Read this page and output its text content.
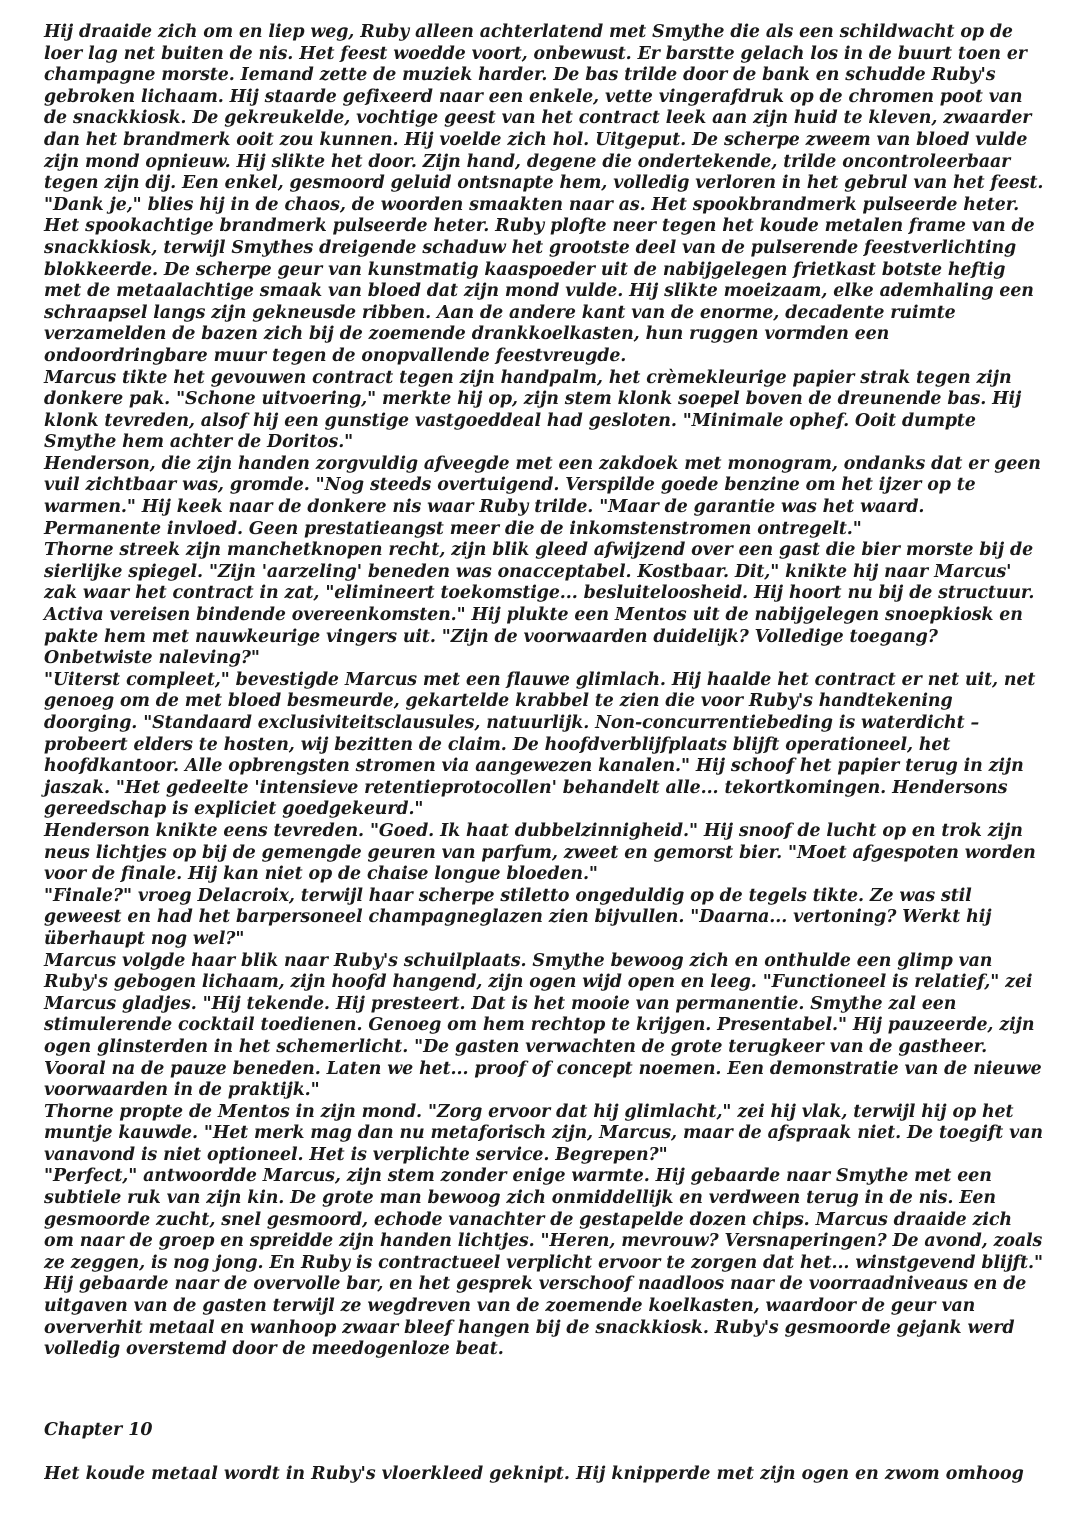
Hij draaide zich om en liep weg, Ruby alleen achterlatend met Smythe die als een schildwacht op de loer lag net buiten de nis. Het feest woedde voort, onbewust. Er barstte gelach los in de buurt toen er champagne morste. Iemand zette de muziek harder. De bas trilde door de bank en schudde Ruby's gebroken lichaam. Hij staarde gefixeerd naar een enkele, vette vingerafdruk op de chromen poot van de snackkiosk. De gekreukelde, vochtige geest van het contract leek aan zijn huid te kleven, zwaarder dan het brandmerk ooit zou kunnen. Hij voelde zich hol. Uitgeput. De scherpe zweem van bloed vulde zijn mond opnieuw. Hij slikte het door. Zijn hand, degene die ondertekende, trilde oncontroleerbaar tegen zijn dij. Een enkel, gesmoord geluid ontsnapte hem, volledig verloren in het gebrul van het feest. "Dank je," blies hij in de chaos, de woorden smaakten naar as. Het spookbrandmerk pulseerde heter.

Het spookachtige brandmerk pulseerde heter. Ruby plofte neer tegen het koude metalen frame van de snackkiosk, terwijl Smythes dreigende schaduw het grootste deel van de pulserende feestverlichting blokkeerde. De scherpe geur van kunstmatig kaaspoeder uit de nabijgelegen frietkast botste heftig met de metaalachtige smaak van bloed dat zijn mond vulde. Hij slikte moeizaam, elke ademhaling een schraapsel langs zijn gekneusde ribben. Aan de andere kant van de enorme, decadente ruimte verzamelden de bazen zich bij de zoemende drankkoelkasten, hun ruggen vormden een ondoordringbare muur tegen de onopvallende feestvreugde.

Marcus tikte het gevouwen contract tegen zijn handpalm, het crèmekleurige papier strak tegen zijn donkere pak. "Schone uitvoering," merkte hij op, zijn stem klonk soepel boven de dreunende bas. Hij klonk tevreden, alsof hij een gunstige vastgoeddeal had gesloten. "Minimale ophef. Ooit dumpte Smythe hem achter de Doritos."

Henderson, die zijn handen zorgvuldig afveegde met een zakdoek met monogram, ondanks dat er geen vuil zichtbaar was, gromde. "Nog steeds overtuigend. Verspilde goede benzine om het ijzer op te warmen." Hij keek naar de donkere nis waar Ruby trilde. "Maar de garantie was het waard. Permanente invloed. Geen prestatieangst meer die de inkomstenstromen ontregelt."

Thorne streek zijn manchetknopen recht, zijn blik gleed afwijzend over een gast die bier morste bij de sierlijke spiegel. "Zijn 'aarzeling' beneden was onacceptabel. Kostbaar. Dit," knikte hij naar Marcus' zak waar het contract in zat, "elimineert toekomstige... besluiteloosheid. Hij hoort nu bij de structuur. Activa vereisen bindende overeenkomsten." Hij plukte een Mentos uit de nabijgelegen snoepkiosk en pakte hem met nauwkeurige vingers uit. "Zijn de voorwaarden duidelijk? Volledige toegang? Onbetwiste naleving?"

"Uiterst compleet," bevestigde Marcus met een flauwe glimlach. Hij haalde het contract er net uit, net genoeg om de met bloed besmeurde, gekartelde krabbel te zien die voor Ruby's handtekening doorging. "Standaard exclusiviteitsclausules, natuurlijk. Non-concurrentiebeding is waterdicht – probeert elders te hosten, wij bezitten de claim. De hoofdverblijfplaats blijft operationeel, het hoofdkantoor. Alle opbrengsten stromen via aangewezen kanalen." Hij schoof het papier terug in zijn jaszak. "Het gedeelte 'intensieve retentieprotocollen' behandelt alle... tekortkomingen. Hendersons gereedschap is expliciet goedgekeurd."

Henderson knikte eens tevreden. "Goed. Ik haat dubbelzinnigheid." Hij snoof de lucht op en trok zijn neus lichtjes op bij de gemengde geuren van parfum, zweet en gemorst bier. "Moet afgespoten worden voor de finale. Hij kan niet op de chaise longue bloeden."

"Finale?" vroeg Delacroix, terwijl haar scherpe stiletto ongeduldig op de tegels tikte. Ze was stil geweest en had het barpersoneel champagneglazen zien bijvullen. "Daarna... vertoning? Werkt hij überhaupt nog wel?"

Marcus volgde haar blik naar Ruby's schuilplaats. Smythe bewoog zich en onthulde een glimp van Ruby's gebogen lichaam, zijn hoofd hangend, zijn ogen wijd open en leeg. "Functioneel is relatief," zei Marcus gladjes. "Hij tekende. Hij presteert. Dat is het mooie van permanentie. Smythe zal een stimulerende cocktail toedienen. Genoeg om hem rechtop te krijgen. Presentabel." Hij pauzeerde, zijn ogen glinsterden in het schemerlicht. "De gasten verwachten de grote terugkeer van de gastheer. Vooral na de pauze beneden. Laten we het... proof of concept noemen. Een demonstratie van de nieuwe voorwaarden in de praktijk."

Thorne propte de Mentos in zijn mond. "Zorg ervoor dat hij glimlacht," zei hij vlak, terwijl hij op het muntje kauwde. "Het merk mag dan nu metaforisch zijn, Marcus, maar de afspraak niet. De toegift van vanavond is niet optioneel. Het is verplichte service. Begrepen?"

"Perfect," antwoordde Marcus, zijn stem zonder enige warmte. Hij gebaarde naar Smythe met een subtiele ruk van zijn kin. De grote man bewoog zich onmiddellijk en verdween terug in de nis. Een gesmoorde zucht, snel gesmoord, echode vanachter de gestapelde dozen chips. Marcus draaide zich om naar de groep en spreidde zijn handen lichtjes. "Heren, mevrouw? Versnaperingen? De avond, zoals ze zeggen, is nog jong. En Ruby is contractueel verplicht ervoor te zorgen dat het... winstgevend blijft." Hij gebaarde naar de overvolle bar, en het gesprek verschoof naadloos naar de voorraadniveaus en de uitgaven van de gasten terwijl ze wegdreven van de zoemende koelkasten, waardoor de geur van oververhit metaal en wanhoop zwaar bleef hangen bij de snackkiosk. Ruby's gesmoorde gejank werd volledig overstemd door de meedogenloze beat.

Chapter 10

Het koude metaal wordt in Ruby's vloerkleed geknipt. Hij knipperde met zijn ogen en zwom omhoog
